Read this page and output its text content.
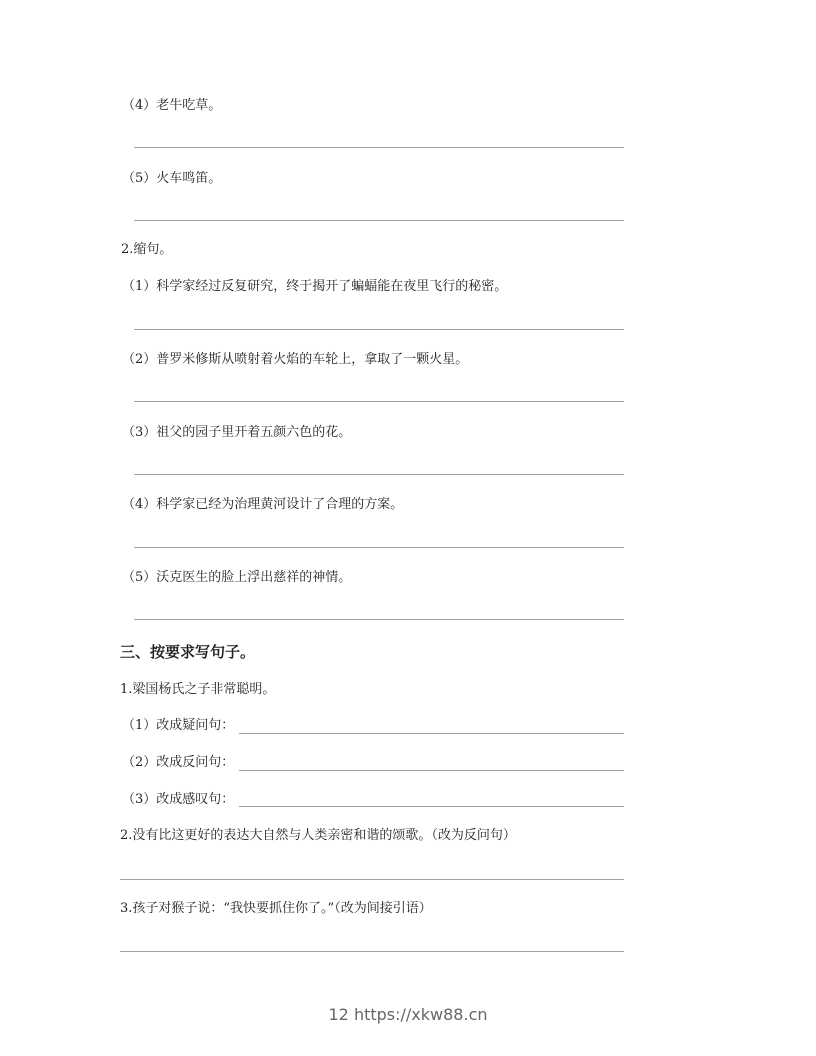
（4）老牛吃草。
（5）火车鸣笛。
2.缩句。
（1）科学家经过反复研究，终于揭开了蝙蝠能在夜里飞行的秘密。
（2）普罗米修斯从喷射着火焰的车轮上，拿取了一颗火星。
（3）祖父的园子里开着五颜六色的花。
（4）科学家已经为治理黄河设计了合理的方案。
（5）沃克医生的脸上浮出慈祥的神情。
三、按要求写句子。
1.梁国杨氏之子非常聪明。
（1）改成疑问句：
（2）改成反问句：
（3）改成感叹句：
2.没有比这更好的表达大自然与人类亲密和谐的颂歌。（改为反问句）
3.孩子对猴子说：“我快要抓住你了。”（改为间接引语）
12 https://xkw88.cn
